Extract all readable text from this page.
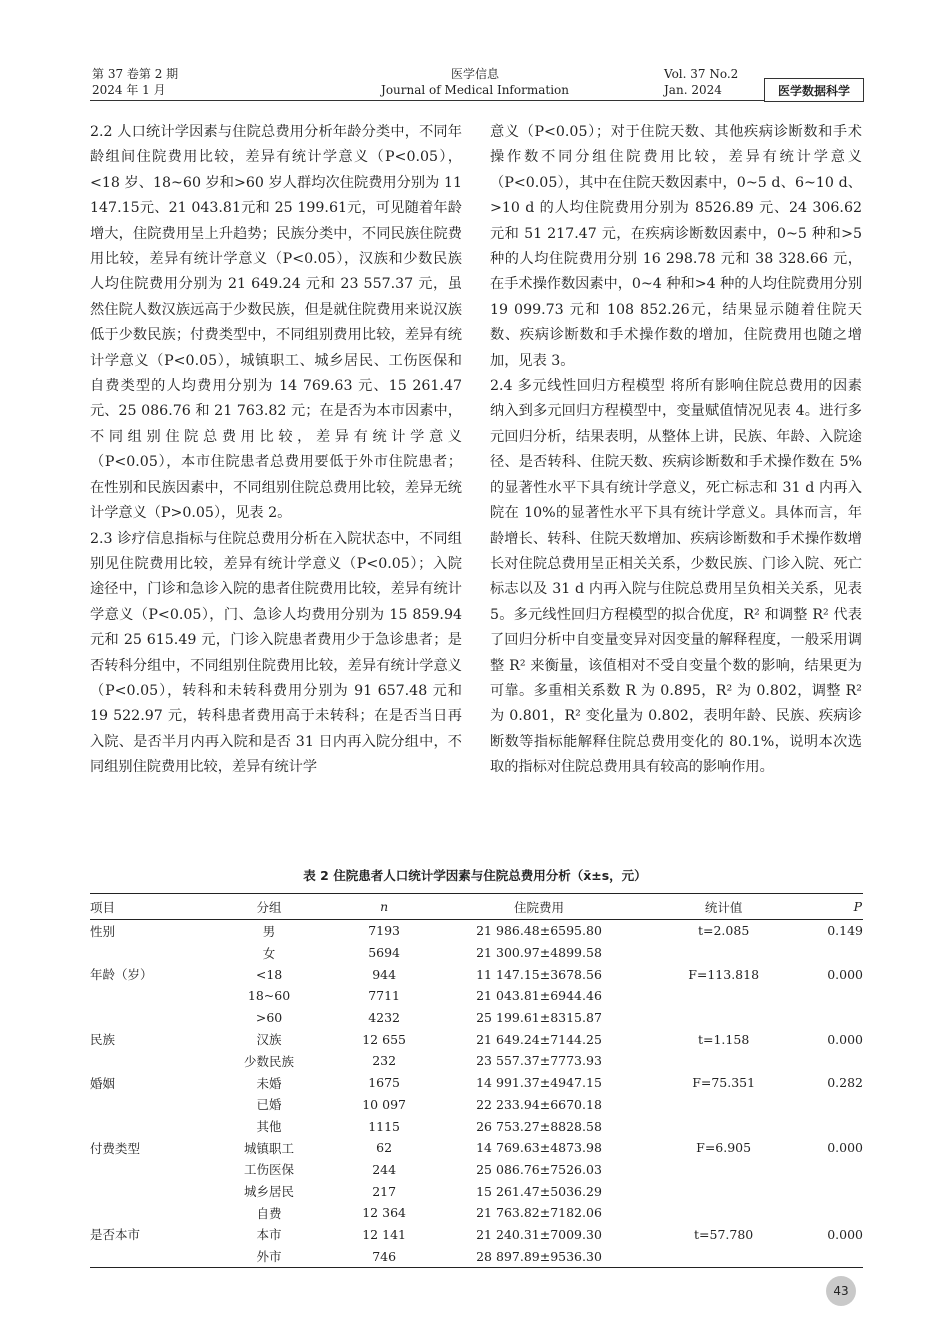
第 37 卷第 2 期
2024 年 1 月
医学信息
Journal of Medical Information
Vol. 37 No.2
Jan. 2024	医学数据科学

2.2 人口统计学因素与住院总费用分析年龄分类中，不同年龄组间住院费用比较，差异有统计学意义（P<0.05），<18 岁、18~60 岁和>60 岁人群均次住院费用分别为 11 147.15元、21 043.81元和 25 199.61元，可见随着年龄增大，住院费用呈上升趋势；民族分类中，不同民族住院费用比较，差异有统计学意义（P<0.05），汉族和少数民族人均住院费用分别为 21 649.24 元和 23 557.37 元，虽然住院人数汉族远高于少数民族，但是就住院费用来说汉族低于少数民族；付费类型中，不同组别费用比较，差异有统计学意义（P<0.05），城镇职工、城乡居民、工伤医保和自费类型的人均费用分别为 14 769.63 元、15 261.47 元、25 086.76 和 21 763.82 元；在是否为本市因素中，不同组别住院总费用比较，差异有统计学意义（P<0.05），本市住院患者总费用要低于外市住院患者；在性别和民族因素中，不同组别住院总费用比较，差异无统计学意义（P>0.05），见表 2。

2.3 诊疗信息指标与住院总费用分析在入院状态中，不同组别见住院费用比较，差异有统计学意义（P<0.05）；入院途径中，门诊和急诊入院的患者住院费用比较，差异有统计学意义（P<0.05），门、急诊人均费用分别为 15 859.94 元和 25 615.49 元，门诊入院患者费用少于急诊患者；是否转科分组中，不同组别住院费用比较，差异有统计学意义（P<0.05），转科和未转科费用分别为 91 657.48 元和 19 522.97 元，转科患者费用高于未转科；在是否当日再入院、是否半月内再入院和是否 31 日内再入院分组中，不同组别住院费用比较，差异有统计学

意义（P<0.05）；对于住院天数、其他疾病诊断数和手术操作数不同分组住院费用比较，差异有统计学意义（P<0.05），其中在住院天数因素中，0~5 d、6~10 d、>10 d 的人均住院费用分别为 8526.89 元、24 306.62 元和 51 217.47 元，在疾病诊断数因素中，0~5 种和>5 种的人均住院费用分别 16 298.78 元和 38 328.66 元，在手术操作数因素中，0~4 种和>4 种的人均住院费用分别 19 099.73 元和 108 852.26元，结果显示随着住院天数、疾病诊断数和手术操作数的增加，住院费用也随之增加，见表 3。

2.4 多元线性回归方程模型 将所有影响住院总费用的因素纳入到多元回归方程模型中，变量赋值情况见表 4。进行多元回归分析，结果表明，从整体上讲，民族、年龄、入院途径、是否转科、住院天数、疾病诊断数和手术操作数在 5%的显著性水平下具有统计学意义，死亡标志和 31 d 内再入院在 10%的显著性水平下具有统计学意义。具体而言，年龄增长、转科、住院天数增加、疾病诊断数和手术操作数增长对住院总费用呈正相关关系，少数民族、门诊入院、死亡标志以及 31 d 内再入院与住院总费用呈负相关关系，见表 5。多元线性回归方程模型的拟合优度，R² 和调整 R² 代表了回归分析中自变量变异对因变量的解释程度，一般采用调整 R² 来衡量，该值相对不受自变量个数的影响，结果更为可靠。多重相关系数 R 为 0.895，R² 为 0.802，调整 R² 为 0.801，R² 变化量为 0.802，表明年龄、民族、疾病诊断数等指标能解释住院总费用变化的 80.1%，说明本次选取的指标对住院总费用具有较高的影响作用。

表 2 住院患者人口统计学因素与住院总费用分析（x̄±s，元）
项目	分组	n	住院费用	统计值	P
性别	男	7193	21 986.48±6595.80	t=2.085	0.149
	女	5694	21 300.97±4899.58		
年龄（岁）	<18	944	11 147.15±3678.56	F=113.818	0.000
	18~60	7711	21 043.81±6944.46		
	>60	4232	25 199.61±8315.87		
民族	汉族	12 655	21 649.24±7144.25	t=1.158	0.000
	少数民族	232	23 557.37±7773.93		
婚姻	未婚	1675	14 991.37±4947.15	F=75.351	0.282
	已婚	10 097	22 233.94±6670.18		
	其他	1115	26 753.27±8828.58		
付费类型	城镇职工	62	14 769.63±4873.98	F=6.905	0.000
	工伤医保	244	25 086.76±7526.03		
	城乡居民	217	15 261.47±5036.29		
	自费	12 364	21 763.82±7182.06		
是否本市	本市	12 141	21 240.31±7009.30	t=57.780	0.000
	外市	746	28 897.89±9536.30		
43
